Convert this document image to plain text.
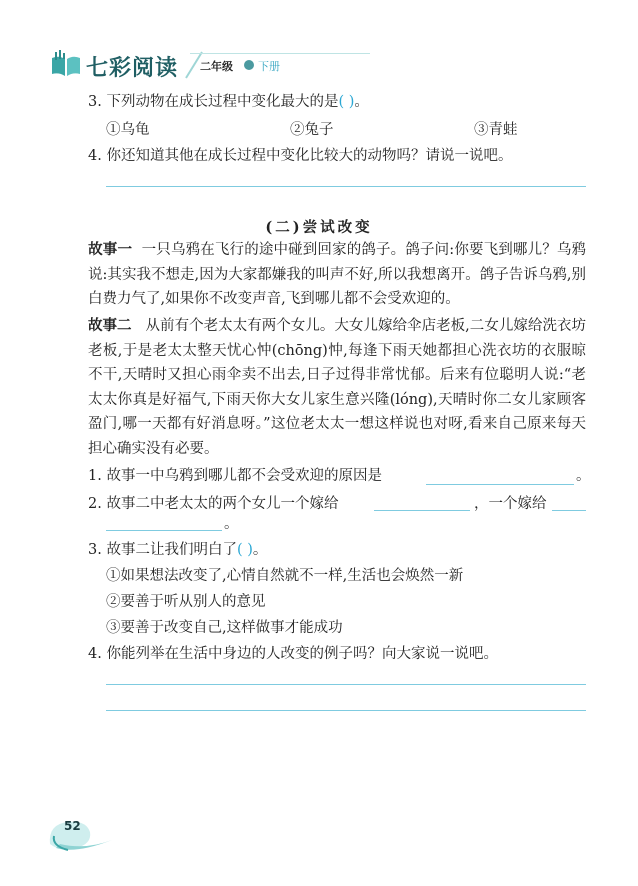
七彩阅读 二年级 下册
3. 下列动物在成长过程中变化最大的是( )。
①乌龟	②兔子	③青蛙
4. 你还知道其他在成长过程中变化比较大的动物吗？请说一说吧。
(二)尝试改变
故事一 一只乌鸦在飞行的途中碰到回家的鸽子。鸽子问:你要飞到哪儿？乌鸦说:其实我不想走,因为大家都嫌我的叫声不好,所以我想离开。鸽子告诉乌鸦,别白费力气了,如果你不改变声音,飞到哪儿都不会受欢迎的。
故事二 从前有个老太太有两个女儿。大女儿嫁给伞店老板,二女儿嫁给洗衣坊老板,于是老太太整天忧心忡(chōng)忡,每逢下雨天她都担心洗衣坊的衣服晾不干,天晴时又担心雨伞卖不出去,日子过得非常忧郁。后来有位聪明人说:“老太太你真是好福气,下雨天你大女儿家生意兴隆(lóng),天晴时你二女儿家顾客盈门,哪一天都有好消息呀。”这位老太太一想这样说也对呀,看来自己原来每天担心确实没有必要。
1. 故事一中乌鸦到哪儿都不会受欢迎的原因是	。
2. 故事二中老太太的两个女儿一个嫁给	，一个嫁给
。
3. 故事二让我们明白了( )。
①如果想法改变了,心情自然就不一样,生活也会焕然一新
②要善于听从别人的意见
③要善于改变自己,这样做事才能成功
4. 你能列举在生活中身边的人改变的例子吗？向大家说一说吧。
52
